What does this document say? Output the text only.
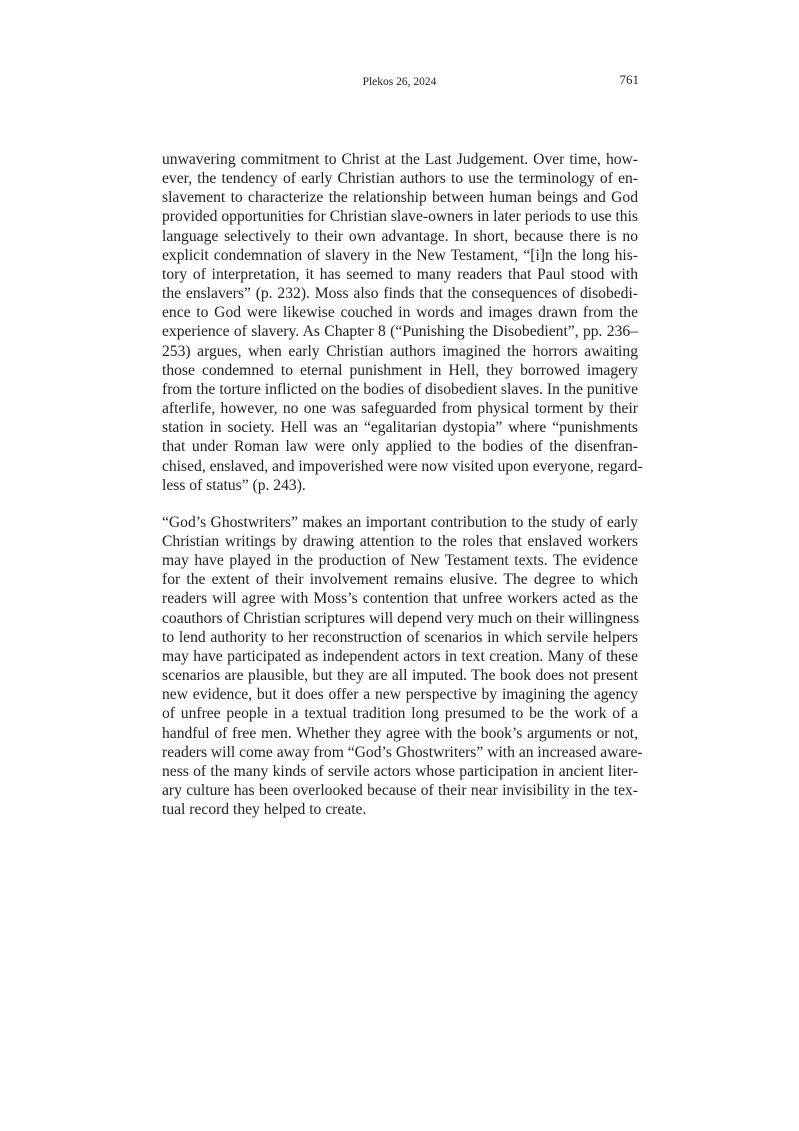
Plekos 26, 2024	761

unwavering commitment to Christ at the Last Judgement. Over time, how-
ever, the tendency of early Christian authors to use the terminology of en-
slavement to characterize the relationship between human beings and God
provided opportunities for Christian slave-owners in later periods to use this
language selectively to their own advantage. In short, because there is no
explicit condemnation of slavery in the New Testament, “[i]n the long his-
tory of interpretation, it has seemed to many readers that Paul stood with
the enslavers” (p. 232). Moss also finds that the consequences of disobedi-
ence to God were likewise couched in words and images drawn from the
experience of slavery. As Chapter 8 (“Punishing the Disobedient”, pp. 236–
253) argues, when early Christian authors imagined the horrors awaiting
those condemned to eternal punishment in Hell, they borrowed imagery
from the torture inflicted on the bodies of disobedient slaves. In the punitive
afterlife, however, no one was safeguarded from physical torment by their
station in society. Hell was an “egalitarian dystopia” where “punishments
that under Roman law were only applied to the bodies of the disenfran-
chised, enslaved, and impoverished were now visited upon everyone, regard-
less of status” (p. 243).

“God’s Ghostwriters” makes an important contribution to the study of early
Christian writings by drawing attention to the roles that enslaved workers
may have played in the production of New Testament texts. The evidence
for the extent of their involvement remains elusive. The degree to which
readers will agree with Moss’s contention that unfree workers acted as the
coauthors of Christian scriptures will depend very much on their willingness
to lend authority to her reconstruction of scenarios in which servile helpers
may have participated as independent actors in text creation. Many of these
scenarios are plausible, but they are all imputed. The book does not present
new evidence, but it does offer a new perspective by imagining the agency
of unfree people in a textual tradition long presumed to be the work of a
handful of free men. Whether they agree with the book’s arguments or not,
readers will come away from “God’s Ghostwriters” with an increased aware-
ness of the many kinds of servile actors whose participation in ancient liter-
ary culture has been overlooked because of their near invisibility in the tex-
tual record they helped to create.
